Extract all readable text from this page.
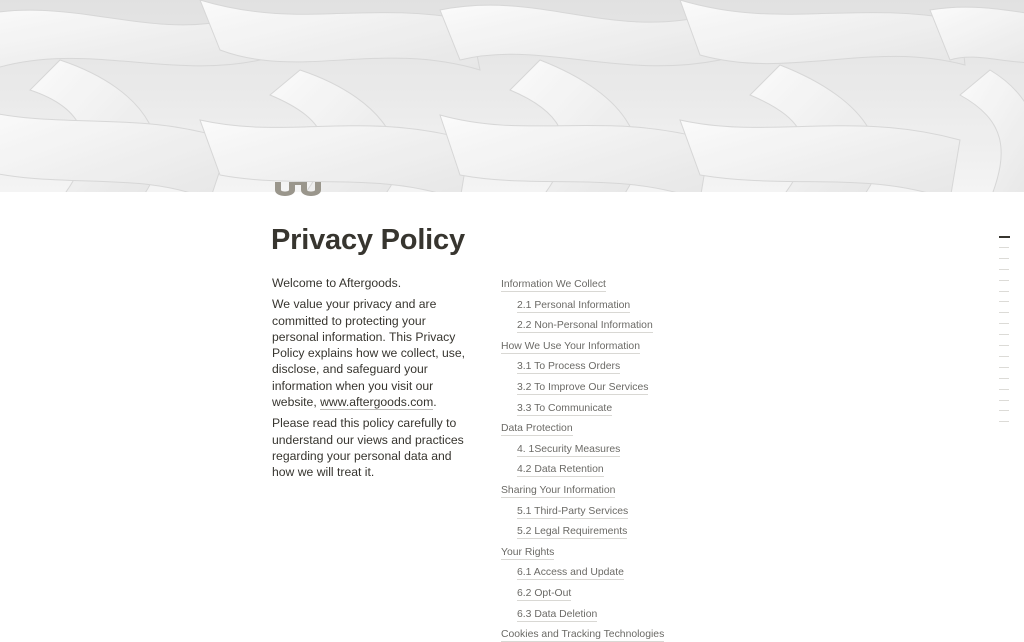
Privacy Policy

Welcome to Aftergoods.

We value your privacy and are committed to protecting your personal information. This Privacy Policy explains how we collect, use, disclose, and safeguard your information when you visit our website, www.aftergoods.com.

Please read this policy carefully to understand our views and practices regarding your personal data and how we will treat it.

Information We Collect
2.1 Personal Information
2.2 Non-Personal Information
How We Use Your Information
3.1 To Process Orders
3.2 To Improve Our Services
3.3 To Communicate
Data Protection
4. 1Security Measures
4.2 Data Retention
Sharing Your Information
5.1 Third-Party Services
5.2 Legal Requirements
Your Rights
6.1 Access and Update
6.2 Opt-Out
6.3 Data Deletion
Cookies and Tracking Technologies
